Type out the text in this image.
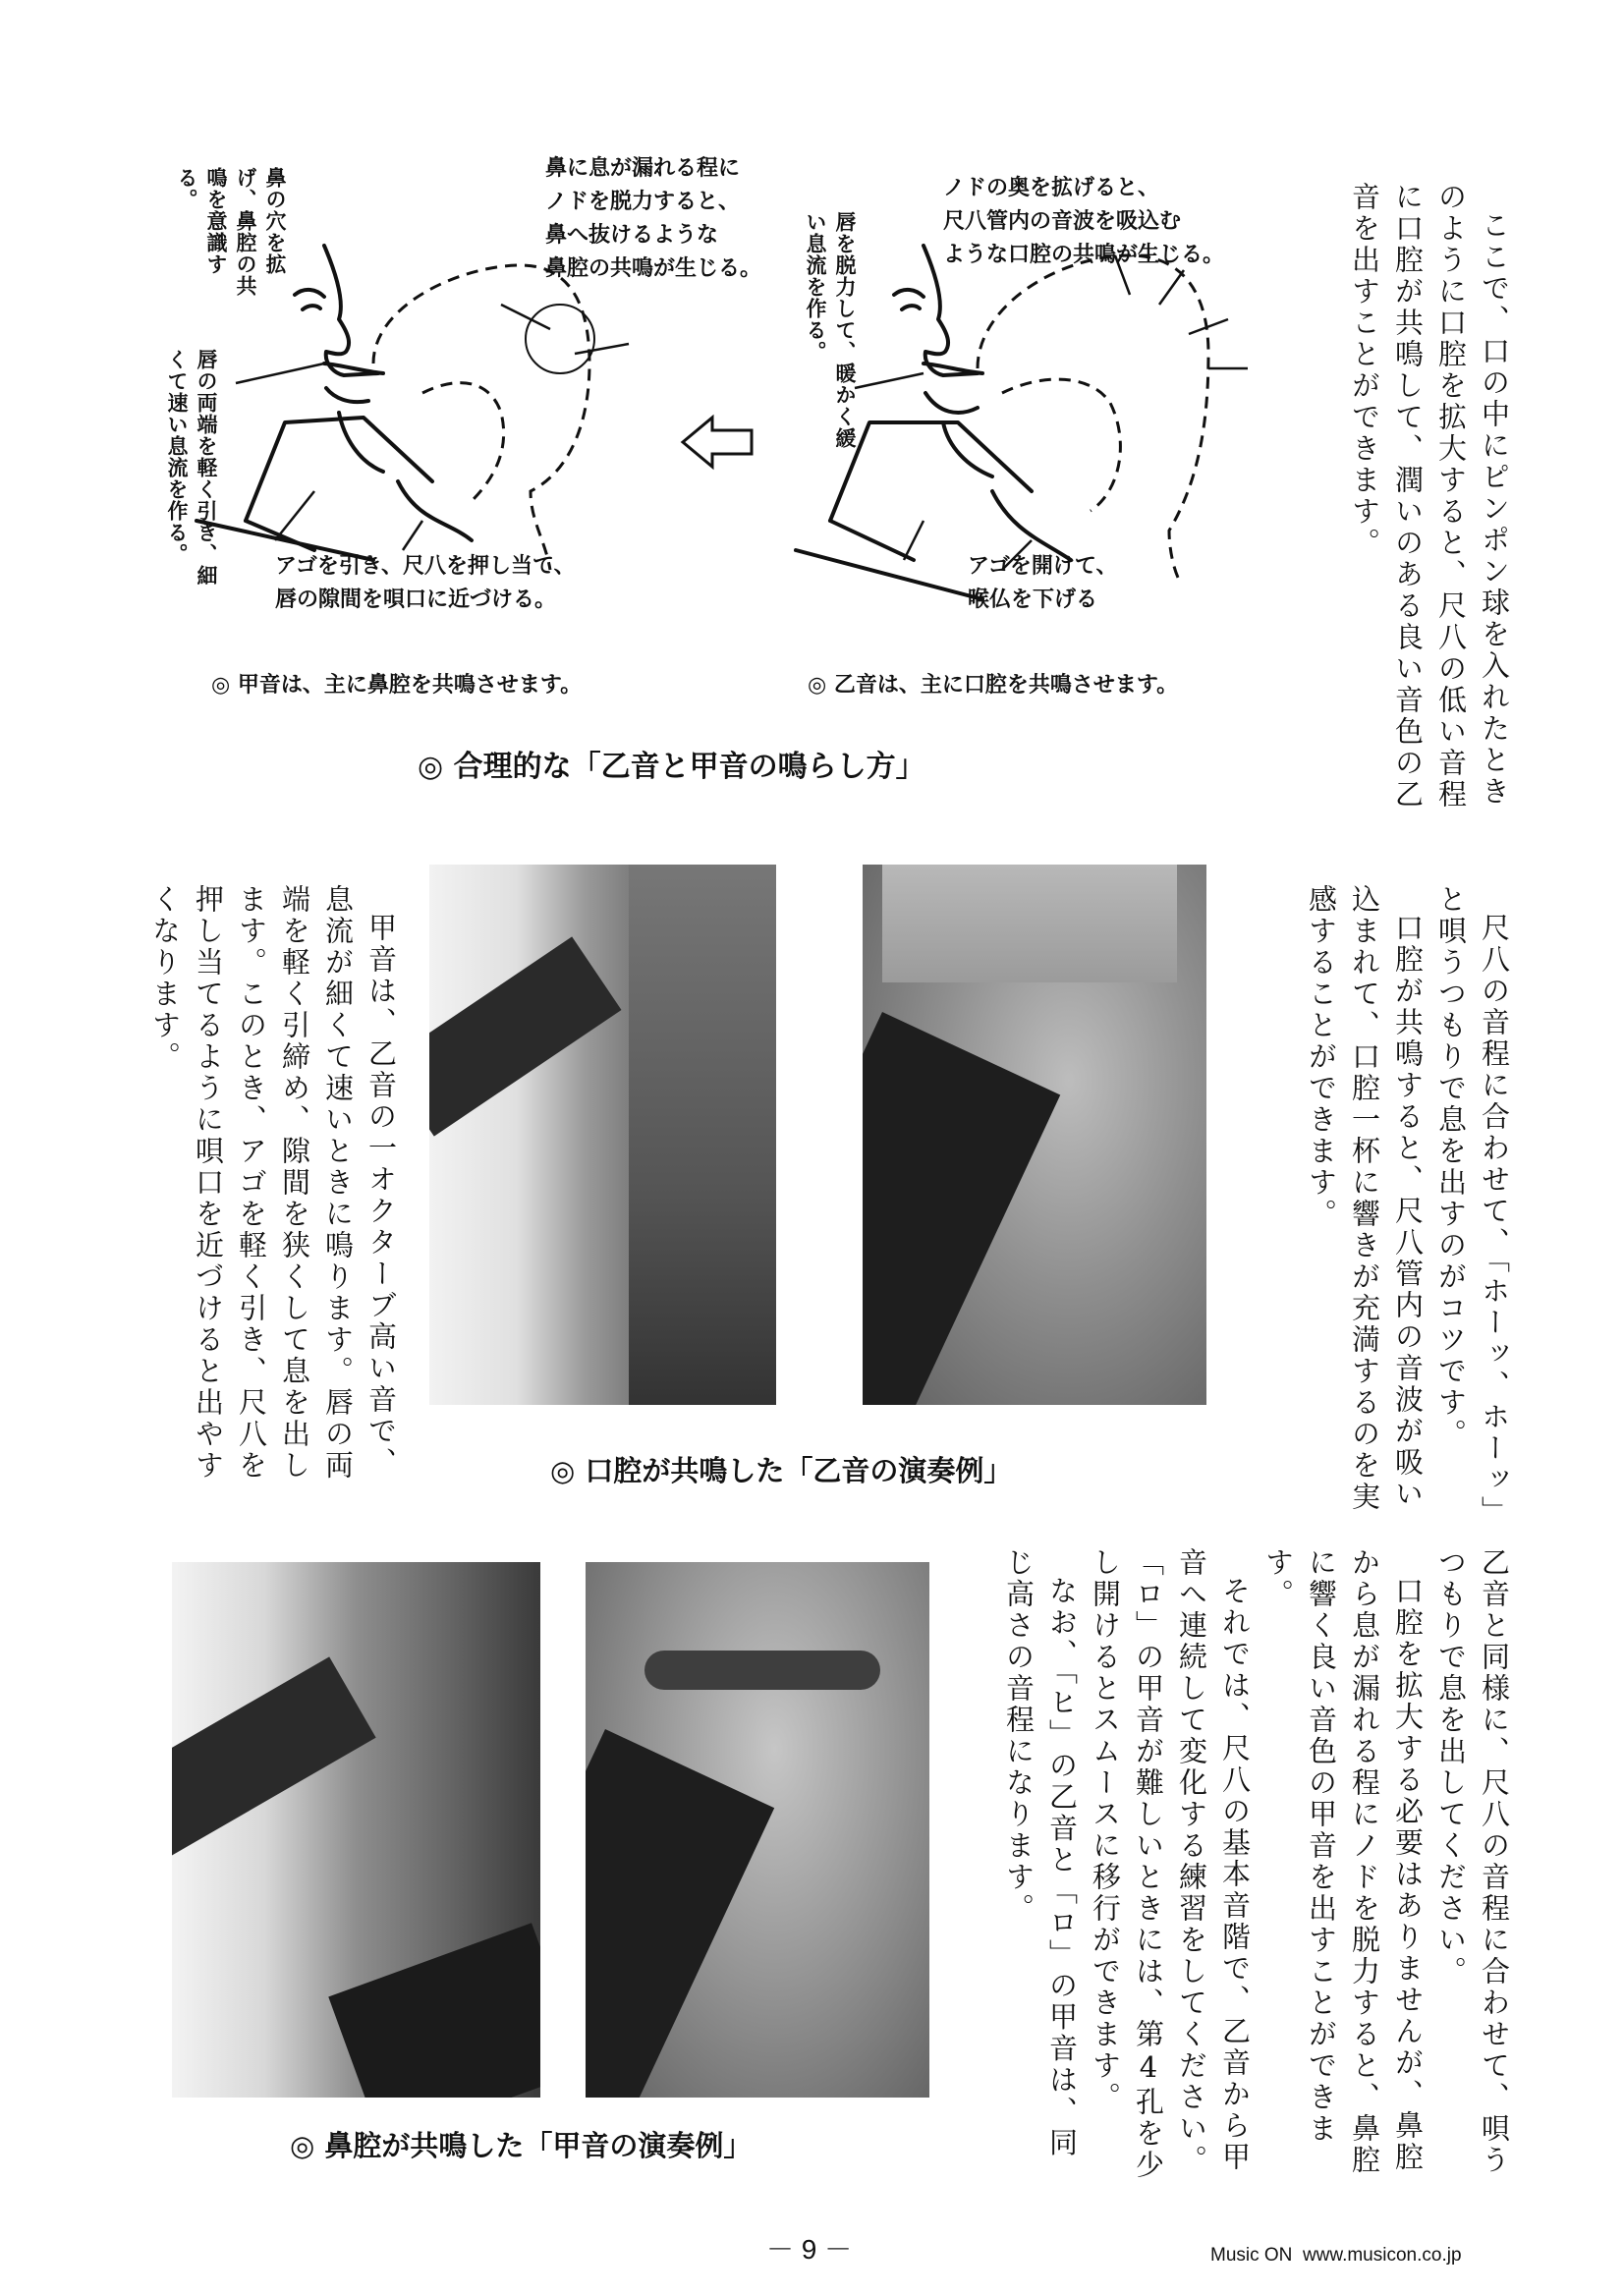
ここで、口の中にピンポン球を入れたときのように口腔を拡大すると、尺八の低い音程に口腔が共鳴して、潤いのある良い音色の乙音を出すことができます。
鼻の穴を拡げ、鼻腔の共鳴を意識する。
唇の両端を軽く引き、細くて速い息流を作る。
鼻に息が漏れる程に
ノドを脱力すると、
鼻へ抜けるような
鼻腔の共鳴が生じる。
アゴを引き、尺八を押し当て、
唇の隙間を唄口に近づける。
唇を脱力して、暖かく緩い息流を作る。
ノドの奥を拡げると、
尺八管内の音波を吸込む
ような口腔の共鳴が生じる。
アゴを開けて、
喉仏を下げる
◎ 甲音は、主に鼻腔を共鳴させます。	◎ 乙音は、主に口腔を共鳴させます。
◎ 合理的な「乙音と甲音の鳴らし方」
尺八の音程に合わせて、「ホーッ、ホーッ」と唄うつもりで息を出すのがコツです。
口腔が共鳴すると、尺八管内の音波が吸い込まれて、口腔一杯に響きが充満するのを実感することができます。
甲音は、乙音の一オクターブ高い音で、息流が細くて速いときに鳴ります。唇の両端を軽く引締め、隙間を狭くして息を出します。このとき、アゴを軽く引き、尺八を押し当てるように唄口を近づけると出やすくなります。
◎ 口腔が共鳴した「乙音の演奏例」
◎ 鼻腔が共鳴した「甲音の演奏例」	乙音と同様に、尺八の音程に合わせて、唄うつもりで息を出してください。
口腔を拡大する必要はありませんが、鼻腔から息が漏れる程にノドを脱力すると、鼻腔に響く良い音色の甲音を出すことができます。
それでは、尺八の基本音階で、乙音から甲音へ連続して変化する練習をしてください。
「ロ」の甲音が難しいときには、第4孔を少し開けるとスムースに移行ができます。
なお、「ヒ」の乙音と「ロ」の甲音は、同じ高さの音程になります。
－ 9 －	Music ON  www.musicon.co.jp
